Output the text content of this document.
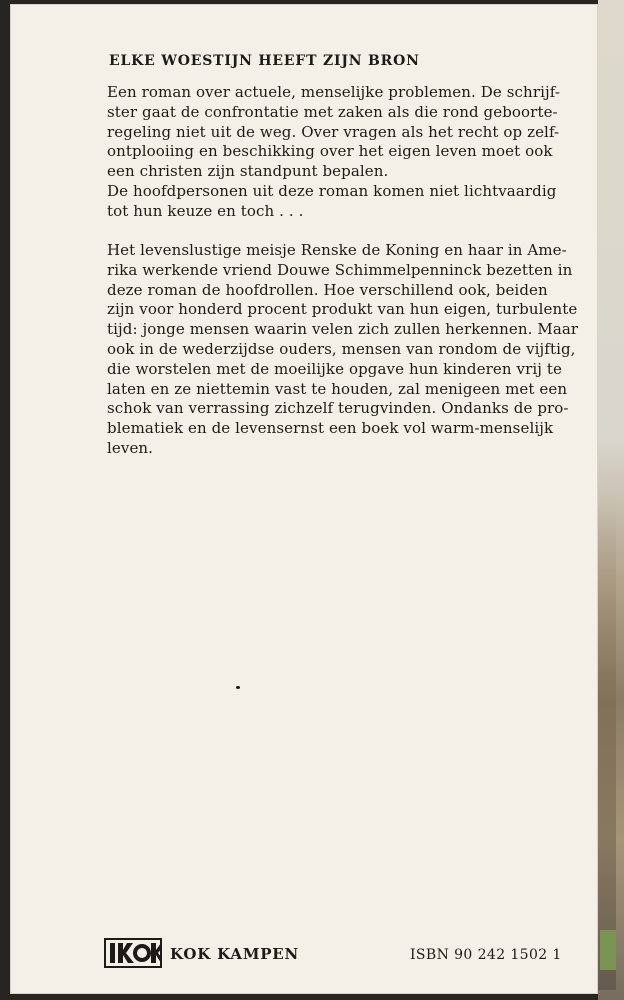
ELKE WOESTIJN HEEFT ZIJN BRON
Een roman over actuele, menselijke problemen. De schrijf-
ster gaat de confrontatie met zaken als die rond geboorte-
regeling niet uit de weg. Over vragen als het recht op zelf-
ontplooiing en beschikking over het eigen leven moet ook
een christen zijn standpunt bepalen.
De hoofdpersonen uit deze roman komen niet lichtvaardig
tot hun keuze en toch . . .
Het levenslustige meisje Renske de Koning en haar in Ame-
rika werkende vriend Douwe Schimmelpenninck bezetten in
deze roman de hoofdrollen. Hoe verschillend ook, beiden
zijn voor honderd procent produkt van hun eigen, turbulente
tijd: jonge mensen waarin velen zich zullen herkennen. Maar
ook in de wederzijdse ouders, mensen van rondom de vijftig,
die worstelen met de moeilijke opgave hun kinderen vrij te
laten en ze niettemin vast te houden, zal menigeen met een
schok van verrassing zichzelf terugvinden. Ondanks de pro-
blematiek en de levensernst een boek vol warm-menselijk
leven.

KOK KAMPEN	ISBN 90 242 1502 1
